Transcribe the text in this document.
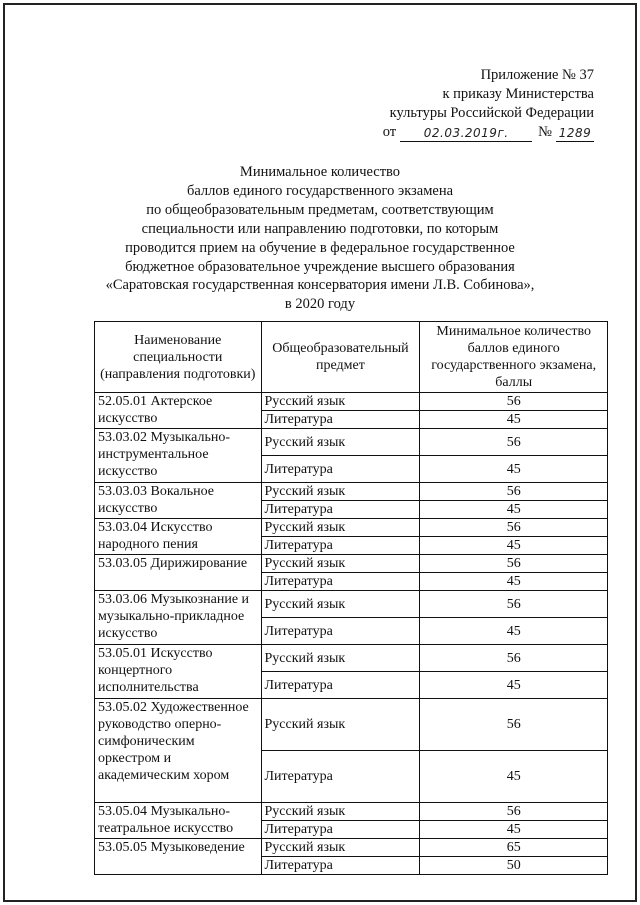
Приложение № 37
к приказу Министерства
культуры Российской Федерации
от	02.03.2019г.	№ 1289
Минимальное количество
баллов единого государственного экзамена
по общеобразовательным предметам, соответствующим
специальности или направлению подготовки, по которым
проводится прием на обучение в федеральное государственное
бюджетное образовательное учреждение высшего образования
«Саратовская государственная консерватория имени Л.В. Собинова»,
в 2020 году
Наименование специальности (направления подготовки)	Общеобразовательный предмет	Минимальное количество баллов единого государственного экзамена, баллы
52.05.01 Актерское искусство	Русский язык	56
	Литература	45
53.03.02 Музыкально-инструментальное искусство	Русский язык	56
	Литература	45
53.03.03 Вокальное искусство	Русский язык	56
	Литература	45
53.03.04 Искусство народного пения	Русский язык	56
	Литература	45
53.03.05 Дирижирование	Русский язык	56
	Литература	45
53.03.06 Музыкознание и музыкально-прикладное искусство	Русский язык	56
	Литература	45
53.05.01 Искусство концертного исполнительства	Русский язык	56
	Литература	45
53.05.02 Художественное руководство оперно-симфоническим оркестром и академическим хором	Русский язык	56
	Литература	45
53.05.04 Музыкально-театральное искусство	Русский язык	56
	Литература	45
53.05.05 Музыковедение	Русский язык	65
	Литература	50
